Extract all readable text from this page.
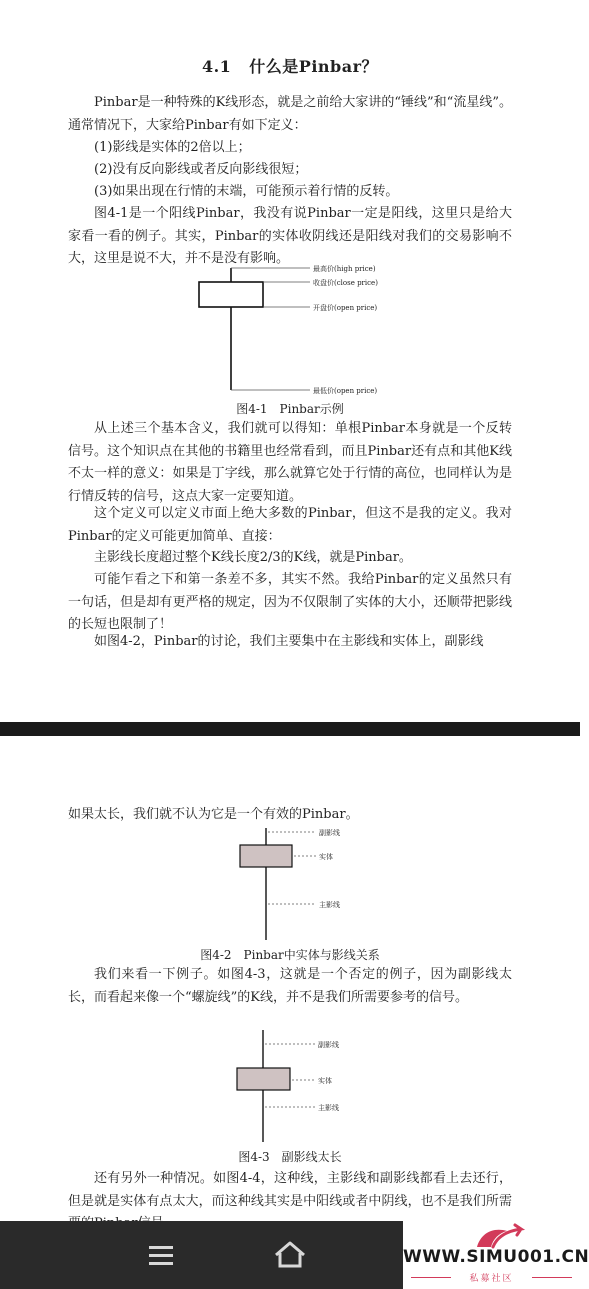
4.1 什么是Pinbar？

Pinbar是一种特殊的K线形态，就是之前给大家讲的“锤线”和“流星线”。通常情况下，大家给Pinbar有如下定义：

(1)影线是实体的2倍以上；

(2)没有反向影线或者反向影线很短；

(3)如果出现在行情的末端，可能预示着行情的反转。

图4-1是一个阳线Pinbar，我没有说Pinbar一定是阳线，这里只是给大家看一看的例子。其实，Pinbar的实体收阴线还是阳线对我们的交易影响不大，这里是说不大，并不是没有影响。

最高价(high price)
收盘价(close price)
开盘价(open price)
最低价(open price)
图4-1　Pinbar示例

从上述三个基本含义，我们就可以得知：单根Pinbar本身就是一个反转信号。这个知识点在其他的书籍里也经常看到，而且Pinbar还有点和其他K线不太一样的意义：如果是丁字线，那么就算它处于行情的高位，也同样认为是行情反转的信号，这点大家一定要知道。

这个定义可以定义市面上绝大多数的Pinbar，但这不是我的定义。我对Pinbar的定义可能更加简单、直接：

主影线长度超过整个K线长度2/3的K线，就是Pinbar。

可能乍看之下和第一条差不多，其实不然。我给Pinbar的定义虽然只有一句话，但是却有更严格的规定，因为不仅限制了实体的大小，还顺带把影线的长短也限制了！

如图4-2，Pinbar的讨论，我们主要集中在主影线和实体上，副影线

如果太长，我们就不认为它是一个有效的Pinbar。

副影线
实体
主影线
图4-2　Pinbar中实体与影线关系

我们来看一下例子。如图4-3，这就是一个否定的例子，因为副影线太长，而看起来像一个“螺旋线”的K线，并不是我们所需要参考的信号。

副影线
实体
主影线
图4-3　副影线太长

还有另外一种情况。如图4-4，这种线，主影线和副影线都看上去还行，但是就是实体有点太大，而这种线其实是中阳线或者中阴线，也不是我们所需

WWW.SIMU001.CN
私募社区
